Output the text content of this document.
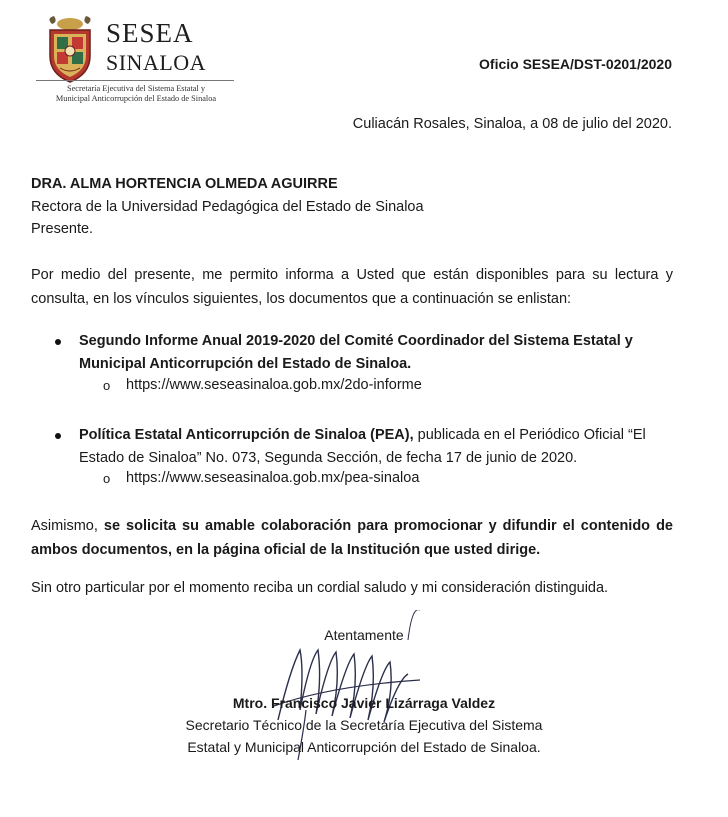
SESEA
SINALOA
Secretaría Ejecutiva del Sistema Estatal y
Municipal Anticorrupción del Estado de Sinaloa
Oficio SESEA/DST-0201/2020
Culiacán Rosales, Sinaloa, a 08 de julio del 2020.
DRA. ALMA HORTENCIA OLMEDA AGUIRRE
Rectora de la Universidad Pedagógica del Estado de Sinaloa
Presente.
Por medio del presente, me permito informa a Usted que están disponibles para su lectura y consulta, en los vínculos siguientes, los documentos que a continuación se enlistan:
Segundo Informe Anual 2019-2020 del Comité Coordinador del Sistema Estatal y Municipal Anticorrupción del Estado de Sinaloa.
o https://www.seseasinaloa.gob.mx/2do-informe
Política Estatal Anticorrupción de Sinaloa (PEA), publicada en el Periódico Oficial “El Estado de Sinaloa” No. 073, Segunda Sección, de fecha 17 de junio de 2020.
o https://www.seseasinaloa.gob.mx/pea-sinaloa
Asimismo, se solicita su amable colaboración para promocionar y difundir el contenido de ambos documentos, en la página oficial de la Institución que usted dirige.
Sin otro particular por el momento reciba un cordial saludo y mi consideración distinguida.
Atentamente
Mtro. Francisco Javier Lizárraga Valdez
Secretario Técnico de la Secretaría Ejecutiva del Sistema
Estatal y Municipal Anticorrupción del Estado de Sinaloa.
